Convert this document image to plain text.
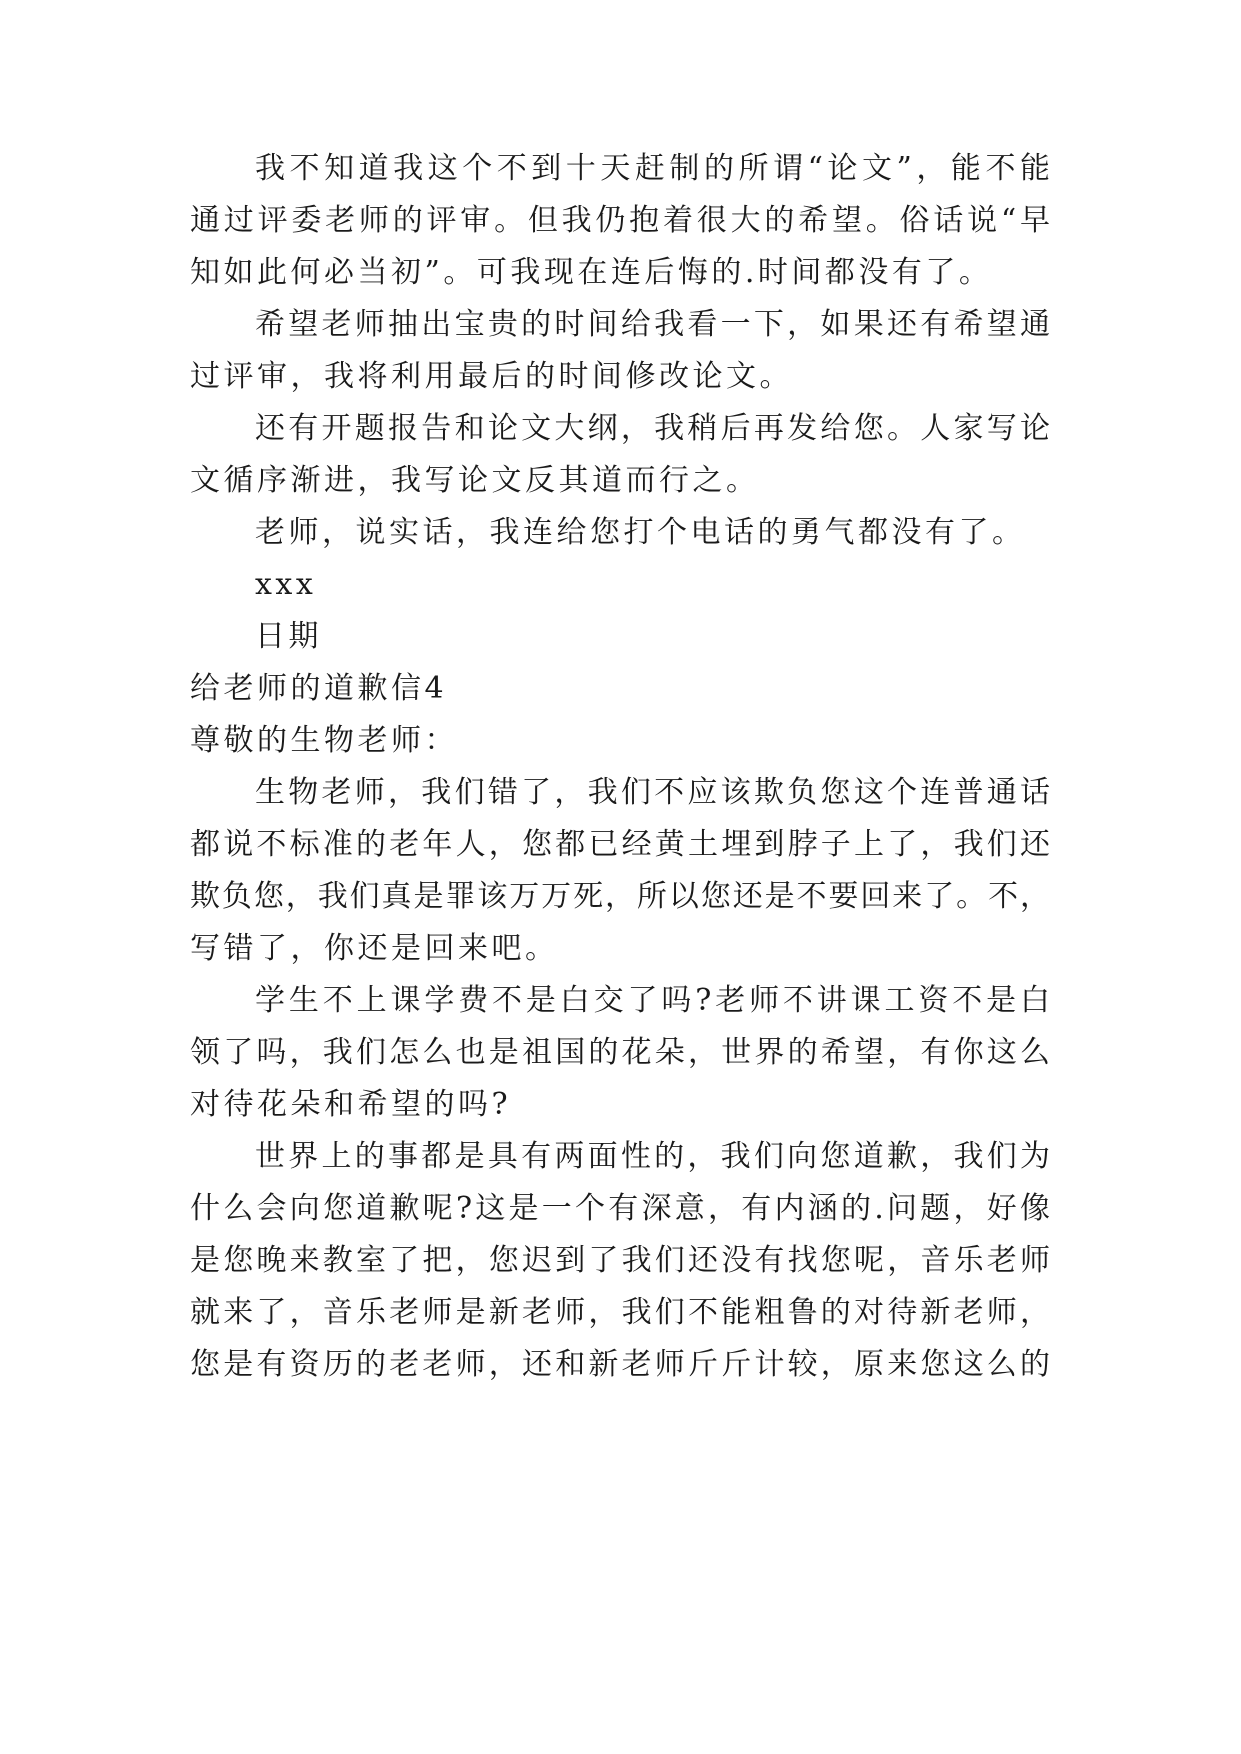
我不知道我这个不到十天赶制的所谓“论文”，能不能
通过评委老师的评审。但我仍抱着很大的希望。俗话说“早
知如此何必当初”。可我现在连后悔的.时间都没有了。
希望老师抽出宝贵的时间给我看一下，如果还有希望通
过评审，我将利用最后的时间修改论文。
还有开题报告和论文大纲，我稍后再发给您。人家写论
文循序渐进，我写论文反其道而行之。
老师，说实话，我连给您打个电话的勇气都没有了。
xxx
日期
给老师的道歉信4
尊敬的生物老师：
生物老师，我们错了，我们不应该欺负您这个连普通话
都说不标准的老年人，您都已经黄土埋到脖子上了，我们还
欺负您，我们真是罪该万万死，所以您还是不要回来了。不，
写错了，你还是回来吧。
学生不上课学费不是白交了吗?老师不讲课工资不是白
领了吗，我们怎么也是祖国的花朵，世界的希望，有你这么
对待花朵和希望的吗?
世界上的事都是具有两面性的，我们向您道歉，我们为
什么会向您道歉呢?这是一个有深意，有内涵的.问题，好像
是您晚来教室了把，您迟到了我们还没有找您呢，音乐老师
就来了，音乐老师是新老师，我们不能粗鲁的对待新老师，
您是有资历的老老师，还和新老师斤斤计较，原来您这么的
